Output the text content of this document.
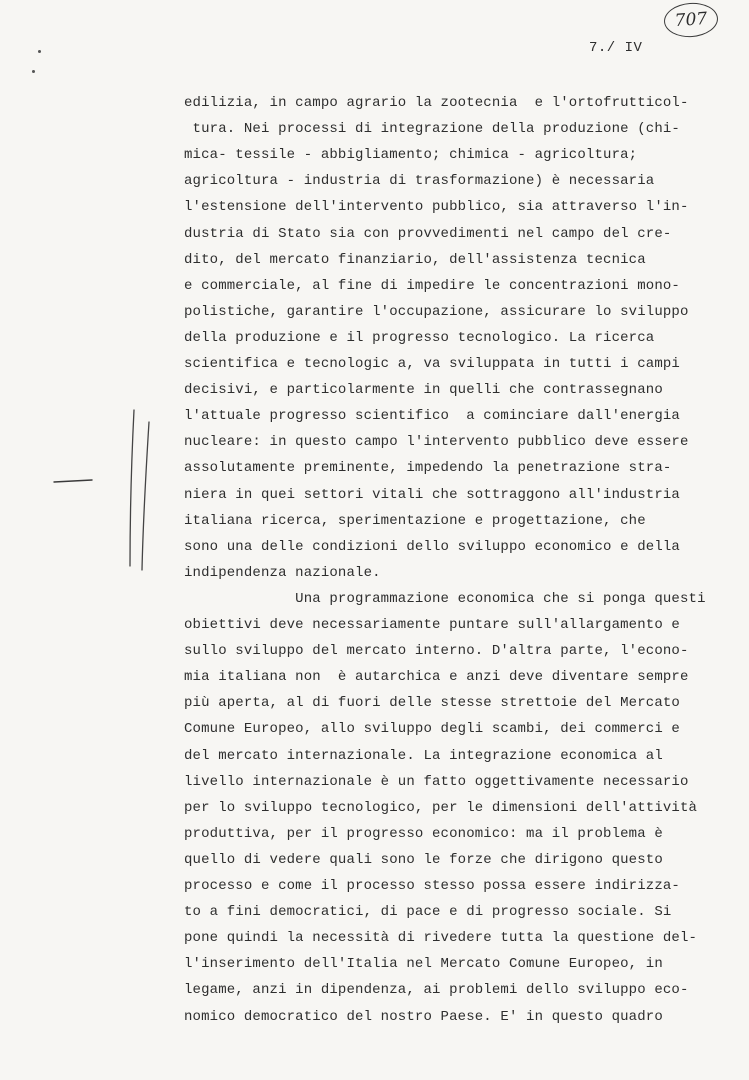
707
7./ IV
edilizia, in campo agrario la zootecnia  e l'ortofrutticol-
tura. Nei processi di integrazione della produzione (chi-
mica- tessile - abbigliamento; chimica - agricoltura;
agricoltura - industria di trasformazione) è necessaria
l'estensione dell'intervento pubblico, sia attraverso l'in-
dustria di Stato sia con provvedimenti nel campo del cre-
dito, del mercato finanziario, dell'assistenza tecnica
e commerciale, al fine di impedire le concentrazioni mono-
polistiche, garantire l'occupazione, assicurare lo sviluppo
della produzione e il progresso tecnologico. La ricerca
scientifica e tecnologic a, va sviluppata in tutti i campi
decisivi, e particolarmente in quelli che contrassegnano
l'attuale progresso scientifico  a cominciare dall'energia
nucleare: in questo campo l'intervento pubblico deve essere
assolutamente preminente, impedendo la penetrazione stra-
niera in quei settori vitali che sottraggono all'industria
italiana ricerca, sperimentazione e progettazione, che
sono una delle condizioni dello sviluppo economico e della
indipendenza nazionale.
Una programmazione economica che si ponga questi
obiettivi deve necessariamente puntare sull'allargamento e
sullo sviluppo del mercato interno. D'altra parte, l'econo-
mia italiana non  è autarchica e anzi deve diventare sempre
più aperta, al di fuori delle stesse strettoie del Mercato
Comune Europeo, allo sviluppo degli scambi, dei commerci e
del mercato internazionale. La integrazione economica al
livello internazionale è un fatto oggettivamente necessario
per lo sviluppo tecnologico, per le dimensioni dell'attività
produttiva, per il progresso economico: ma il problema è
quello di vedere quali sono le forze che dirigono questo
processo e come il processo stesso possa essere indirizza-
to a fini democratici, di pace e di progresso sociale. Si
pone quindi la necessità di rivedere tutta la questione del-
l'inserimento dell'Italia nel Mercato Comune Europeo, in
legame, anzi in dipendenza, ai problemi dello sviluppo eco-
nomico democratico del nostro Paese. E' in questo quadro
